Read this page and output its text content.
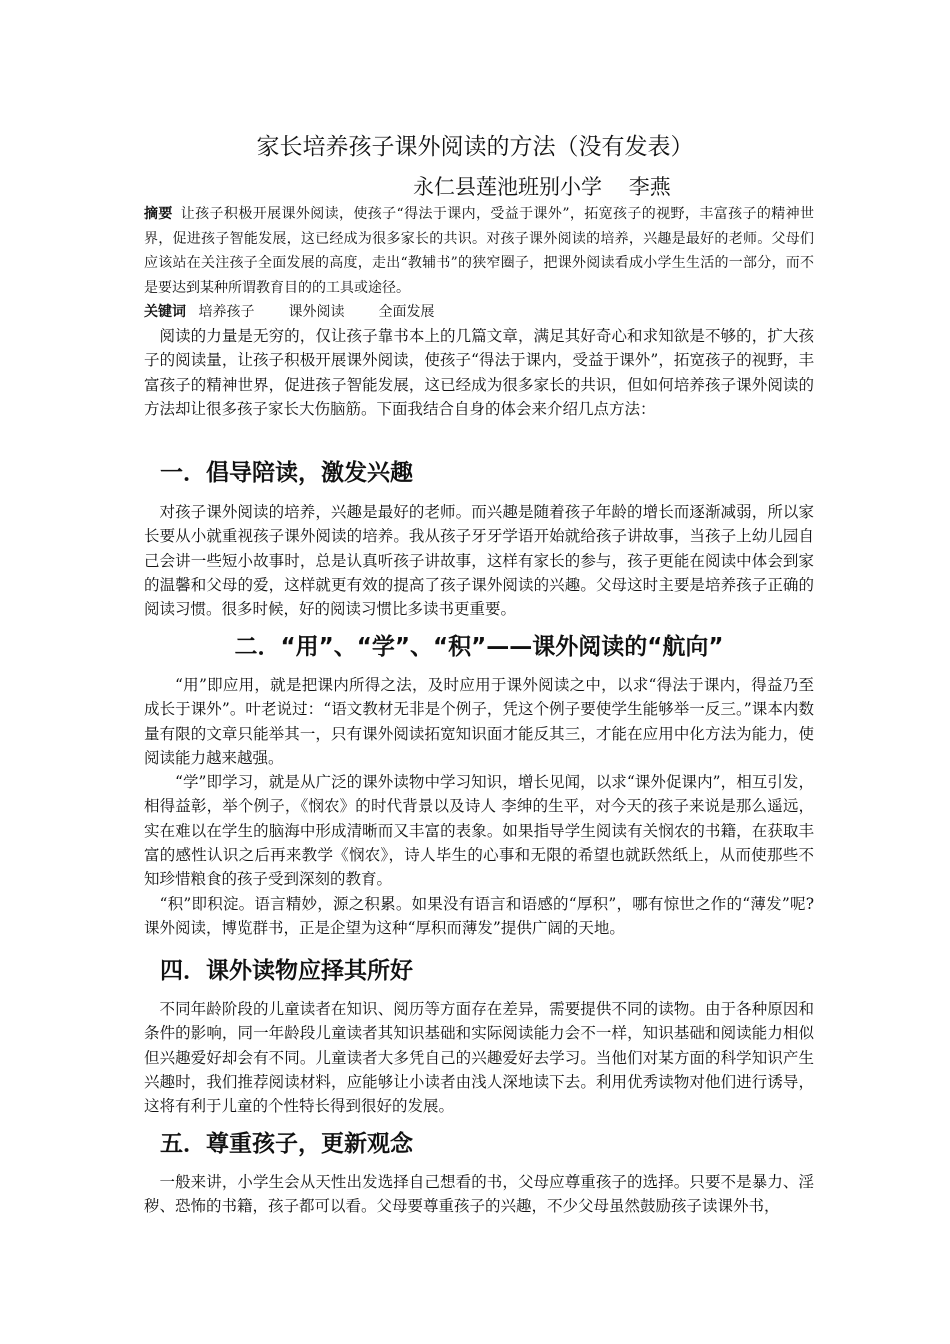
家长培养孩子课外阅读的方法（没有发表）
永仁县莲池班别小学    李燕

摘要 让孩子积极开展课外阅读，使孩子“得法于课内，受益于课外”，拓宽孩子的视野，丰富孩子的精神世界，促进孩子智能发展，这已经成为很多家长的共识。对孩子课外阅读的培养，兴趣是最好的老师。父母们应该站在关注孩子全面发展的高度，走出“教辅书”的狭窄圈子，把课外阅读看成小学生生活的一部分，而不是要达到某种所谓教育目的的工具或途径。

关键词 培养孩子 课外阅读 全面发展

阅读的力量是无穷的，仅让孩子靠书本上的几篇文章，满足其好奇心和求知欲是不够的，扩大孩子的阅读量，让孩子积极开展课外阅读，使孩子“得法于课内，受益于课外”，拓宽孩子的视野，丰富孩子的精神世界，促进孩子智能发展，这已经成为很多家长的共识，但如何培养孩子课外阅读的方法却让很多孩子家长大伤脑筋。下面我结合自身的体会来介绍几点方法：

一．倡导陪读，激发兴趣

对孩子课外阅读的培养，兴趣是最好的老师。而兴趣是随着孩子年龄的增长而逐渐减弱，所以家长要从小就重视孩子课外阅读的培养。我从孩子牙牙学语开始就给孩子讲故事，当孩子上幼儿园自己会讲一些短小故事时，总是认真听孩子讲故事，这样有家长的参与，孩子更能在阅读中体会到家的温馨和父母的爱，这样就更有效的提高了孩子课外阅读的兴趣。父母这时主要是培养孩子正确的阅读习惯。很多时候，好的阅读习惯比多读书更重要。

二．“用”、“学”、“积”——课外阅读的“航向”

“用”即应用，就是把课内所得之法，及时应用于课外阅读之中，以求“得法于课内，得益乃至成长于课外”。叶老说过：“语文教材无非是个例子，凭这个例子要使学生能够举一反三。”课本内数量有限的文章只能举其一，只有课外阅读拓宽知识面才能反其三，才能在应用中化方法为能力，使阅读能力越来越强。

“学”即学习，就是从广泛的课外读物中学习知识，增长见闻，以求“课外促课内”，相互引发，相得益彰，举个例子，《悯农》的时代背景以及诗人 李绅的生平，对今天的孩子来说是那么遥远，实在难以在学生的脑海中形成清晰而又丰富的表象。如果指导学生阅读有关悯农的书籍，在获取丰富的感性认识之后再来教学《悯农》，诗人毕生的心事和无限的希望也就跃然纸上，从而使那些不知珍惜粮食的孩子受到深刻的教育。

“积”即积淀。语言精妙，源之积累。如果没有语言和语感的“厚积”，哪有惊世之作的“薄发”呢?课外阅读，博览群书，正是企望为这种“厚积而薄发”提供广阔的天地。

四．课外读物应择其所好

不同年龄阶段的儿童读者在知识、阅历等方面存在差异，需要提供不同的读物。由于各种原因和条件的影响，同一年龄段儿童读者其知识基础和实际阅读能力会不一样，知识基础和阅读能力相似但兴趣爱好却会有不同。儿童读者大多凭自己的兴趣爱好去学习。当他们对某方面的科学知识产生兴趣时，我们推荐阅读材料，应能够让小读者由浅人深地读下去。利用优秀读物对他们进行诱导，这将有利于儿童的个性特长得到很好的发展。

五．尊重孩子，更新观念

一般来讲，小学生会从天性出发选择自己想看的书，父母应尊重孩子的选择。只要不是暴力、淫秽、恐怖的书籍，孩子都可以看。父母要尊重孩子的兴趣，不少父母虽然鼓励孩子读课外书，
